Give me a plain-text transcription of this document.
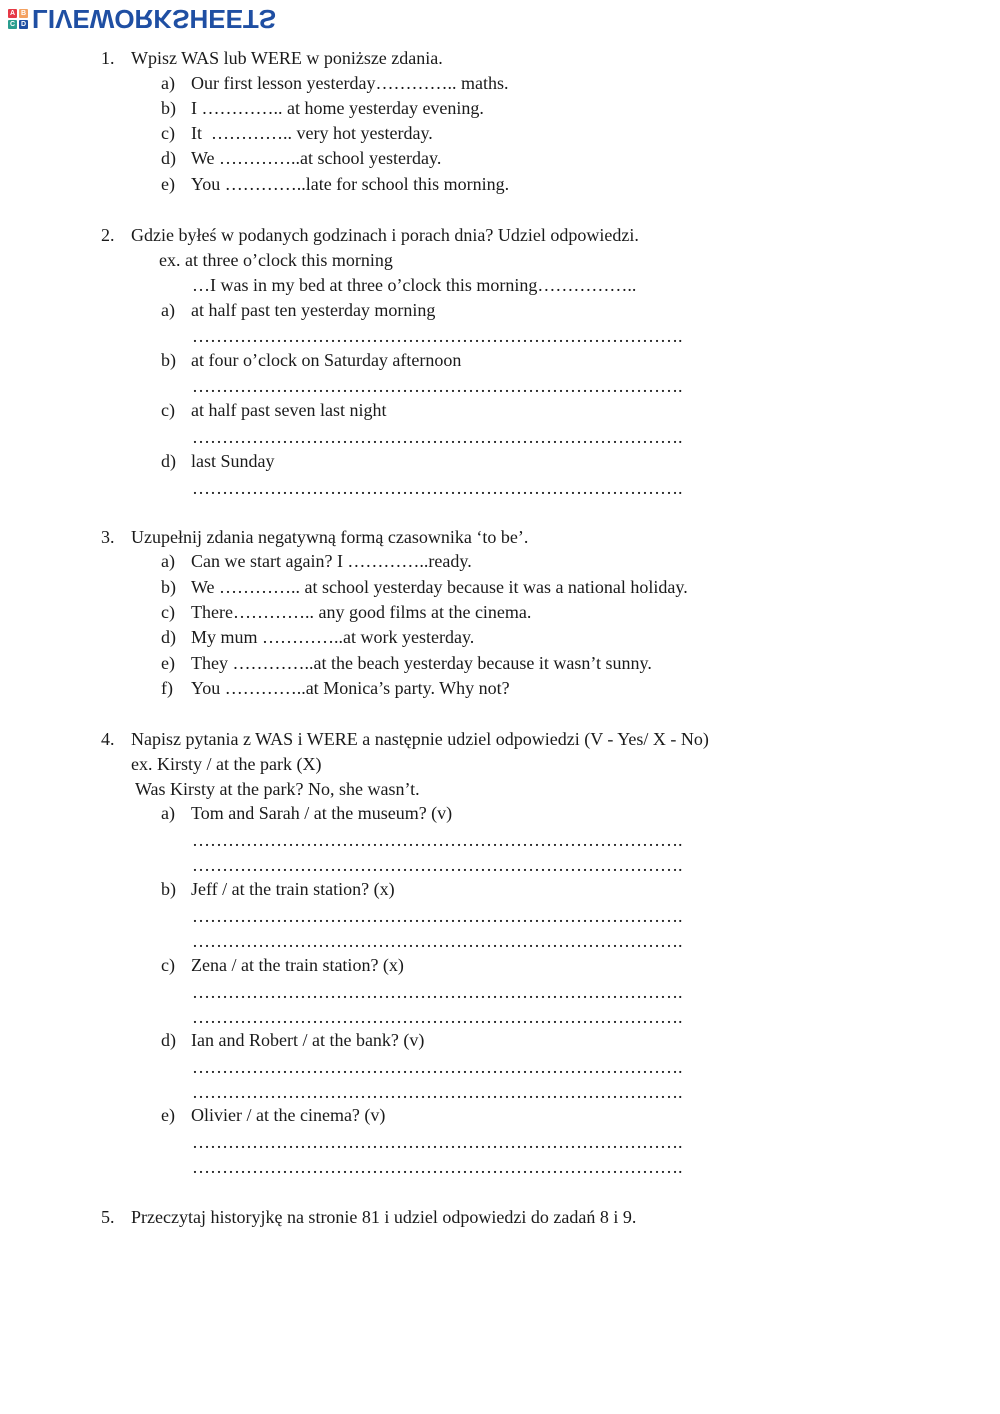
A B
C D LIVEWORKSHEETS
1. Wpisz WAS lub WERE w poniższe zdania.
a) Our first lesson yesterday………….. maths.
b) I ………….. at home yesterday evening.
c) It  ………….. very hot yesterday.
d) We …………..at school yesterday.
e) You …………..late for school this morning.
2. Gdzie byłeś w podanych godzinach i porach dnia? Udziel odpowiedzi.
ex. at three o’clock this morning
…I was in my bed at three o’clock this morning……………..
a) at half past ten yesterday morning
……………………………………………………………………….
b) at four o’clock on Saturday afternoon
……………………………………………………………………….
c) at half past seven last night
……………………………………………………………………….
d) last Sunday
……………………………………………………………………….
3. Uzupełnij zdania negatywną formą czasownika ‘to be’.
a) Can we start again? I …………..ready.
b) We ………….. at school yesterday because it was a national holiday.
c) There………….. any good films at the cinema.
d) My mum …………..at work yesterday.
e) They …………..at the beach yesterday because it wasn’t sunny.
f) You …………..at Monica’s party. Why not?
4. Napisz pytania z WAS i WERE a następnie udziel odpowiedzi (V - Yes/ X - No)
ex. Kirsty / at the park (X)
Was Kirsty at the park? No, she wasn’t.
a) Tom and Sarah / at the museum? (v)
……………………………………………………………………….
……………………………………………………………………….
b) Jeff / at the train station? (x)
……………………………………………………………………….
……………………………………………………………………….
c) Zena / at the train station? (x)
……………………………………………………………………….
……………………………………………………………………….
d) Ian and Robert / at the bank? (v)
……………………………………………………………………….
……………………………………………………………………….
e) Olivier / at the cinema? (v)
……………………………………………………………………….
……………………………………………………………………….
5. Przeczytaj historyjkę na stronie 81 i udziel odpowiedzi do zadań 8 i 9.
